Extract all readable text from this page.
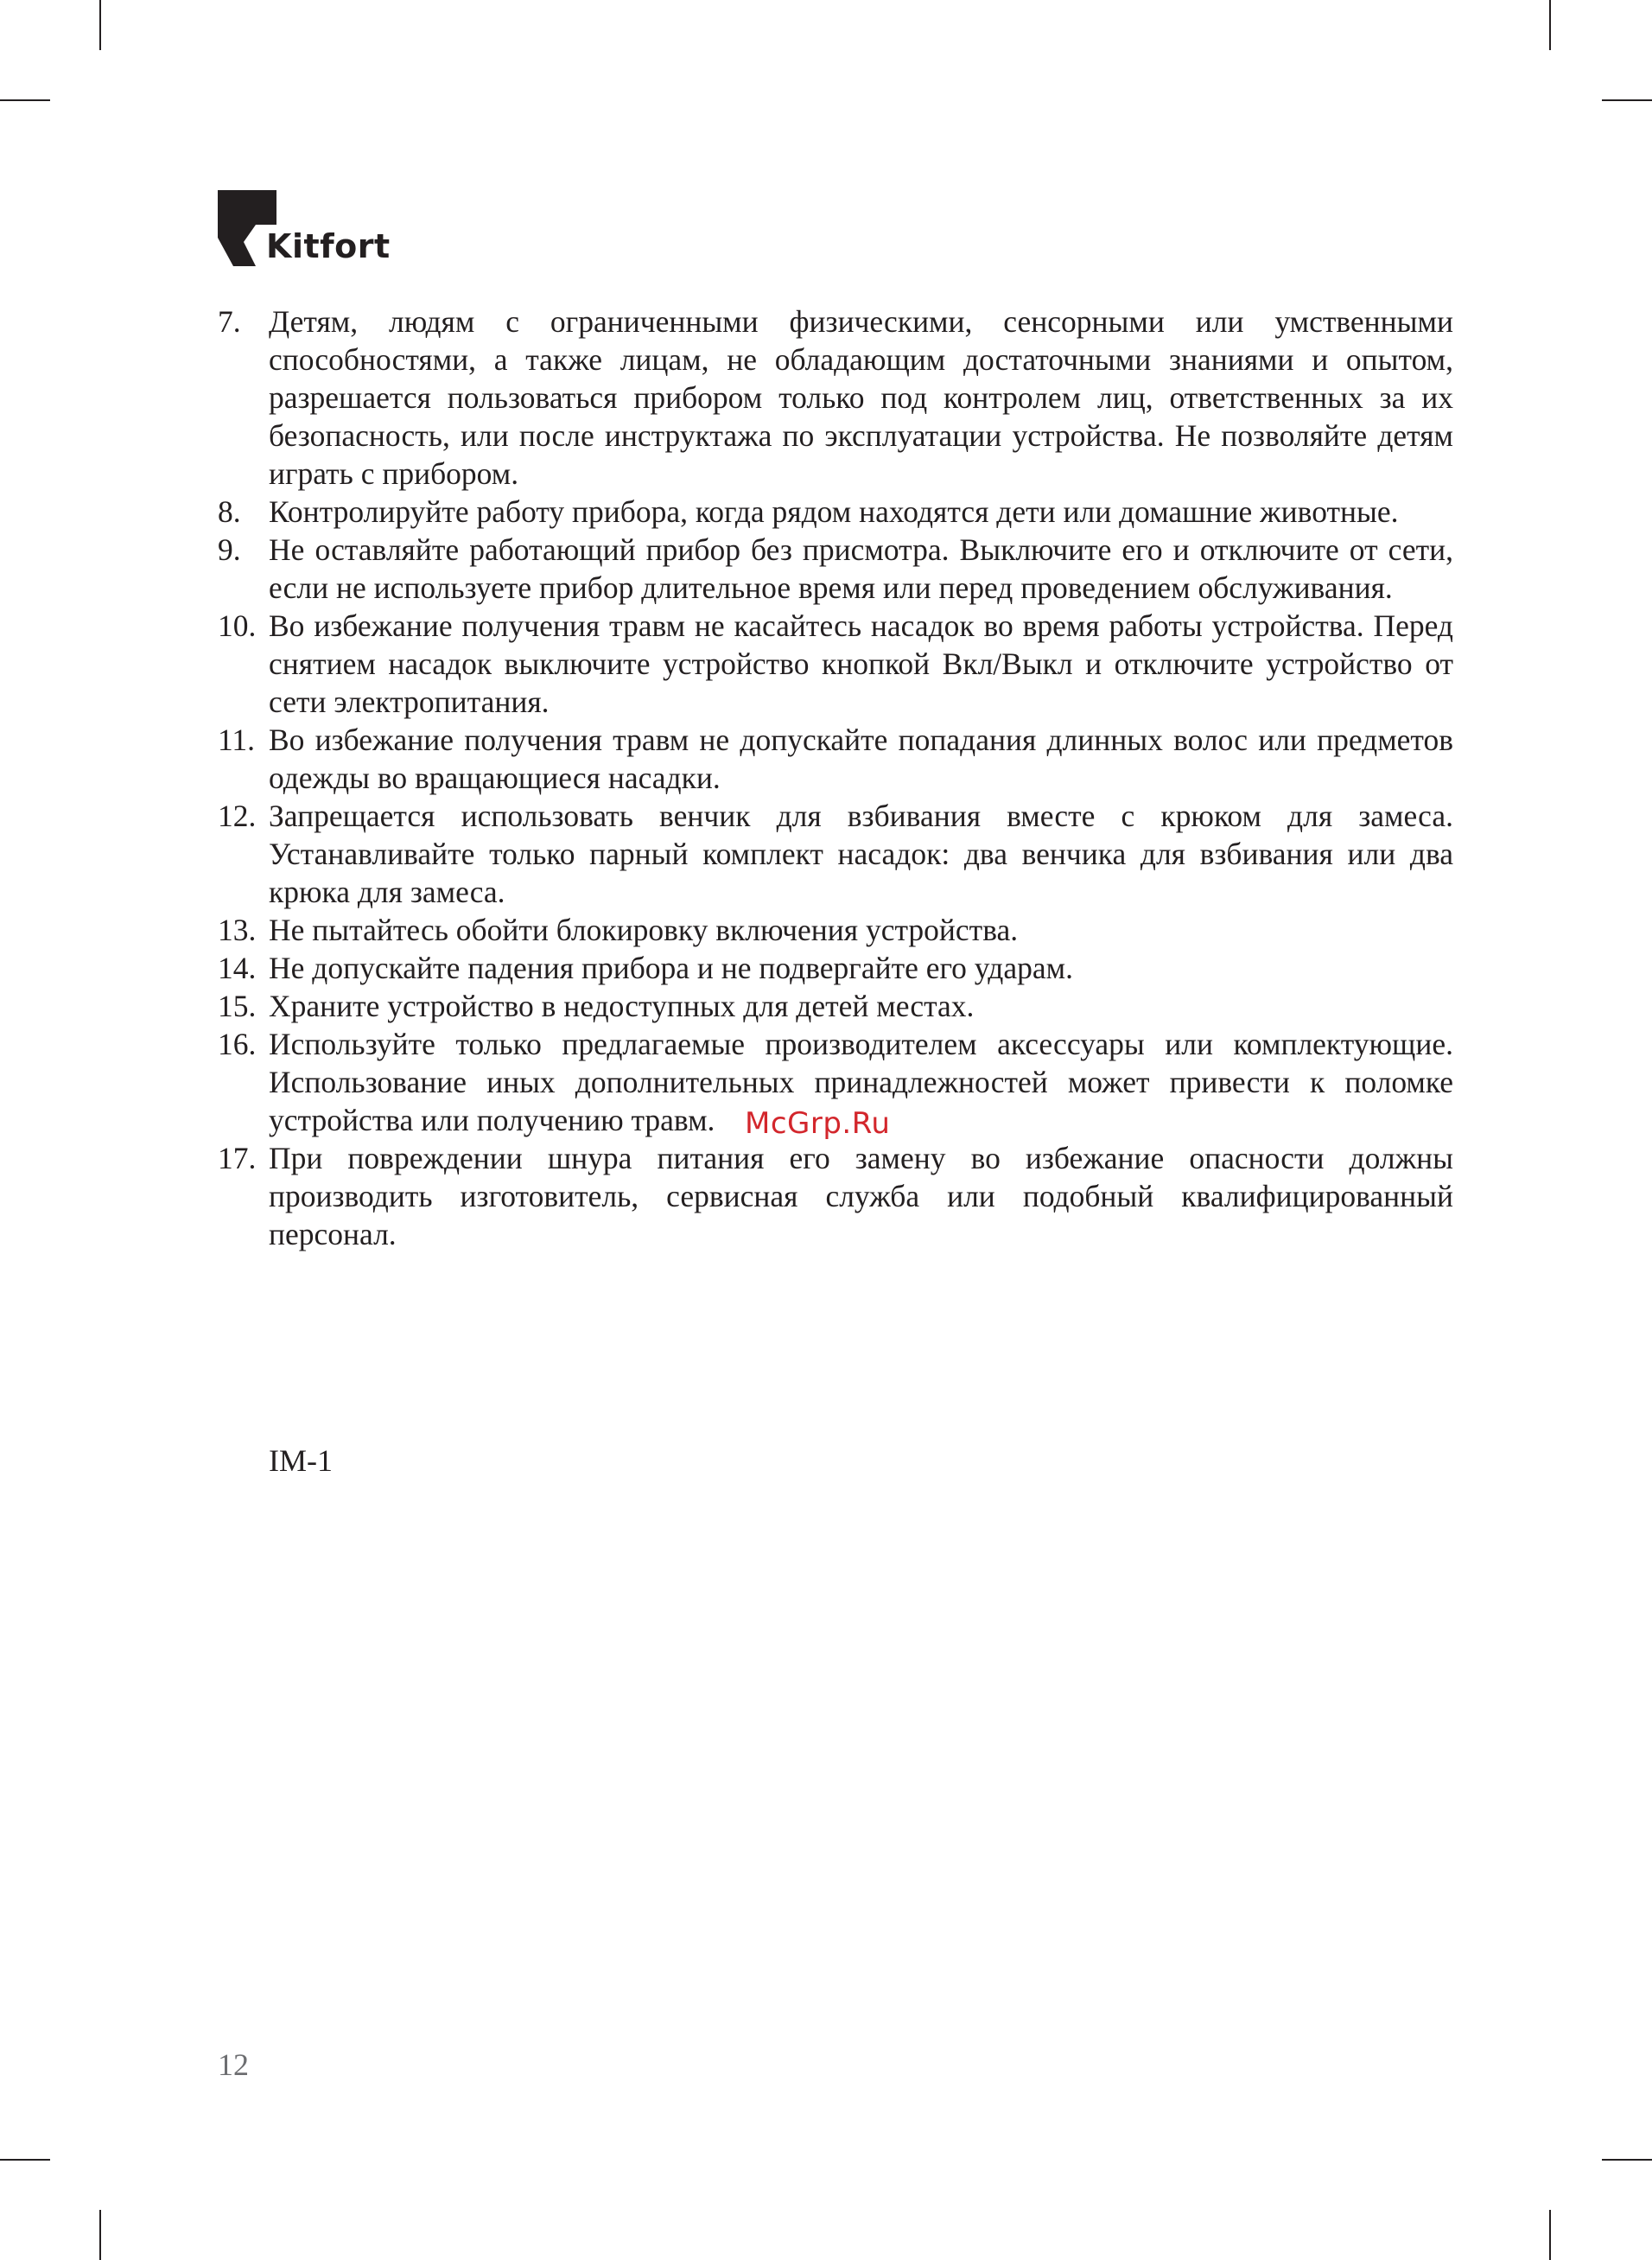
Kitfort
7. Детям, людям с ограниченными физическими, сенсорными или умственными способностями, а также лицам, не обладающим достаточными знаниями и опытом, разрешается пользоваться прибором только под контролем лиц, ответственных за их безопасность, или после инструктажа по эксплуатации устройства. Не позволяйте детям играть с прибором.
8. Контролируйте работу прибора, когда рядом находятся дети или домашние животные.
9. Не оставляйте работающий прибор без присмотра. Выключите его и отключите от сети, если не используете прибор длительное время или перед проведением обслуживания.
10. Во избежание получения травм не касайтесь насадок во время работы устройства. Перед снятием насадок выключите устройство кнопкой Вкл/Выкл и отключите устройство от сети электропитания.
11. Во избежание получения травм не допускайте попадания длинных волос или предметов одежды во вращающиеся насадки.
12. Запрещается использовать венчик для взбивания вместе с крюком для замеса. Устанавливайте только парный комплект насадок: два венчика для взбивания или два крюка для замеса.
13. Не пытайтесь обойти блокировку включения устройства.
14. Не допускайте падения прибора и не подвергайте его ударам.
15. Храните устройство в недоступных для детей местах.
16. Используйте только предлагаемые производителем аксессуары или комплектующие. Использование иных дополнительных принадлежностей может привести к поломке устройства или получению травм.
17. При повреждении шнура питания его замену во избежание опасности должны производить изготовитель, сервисная служба или подобный квалифицированный персонал.
McGrp.Ru
IM-1
12
